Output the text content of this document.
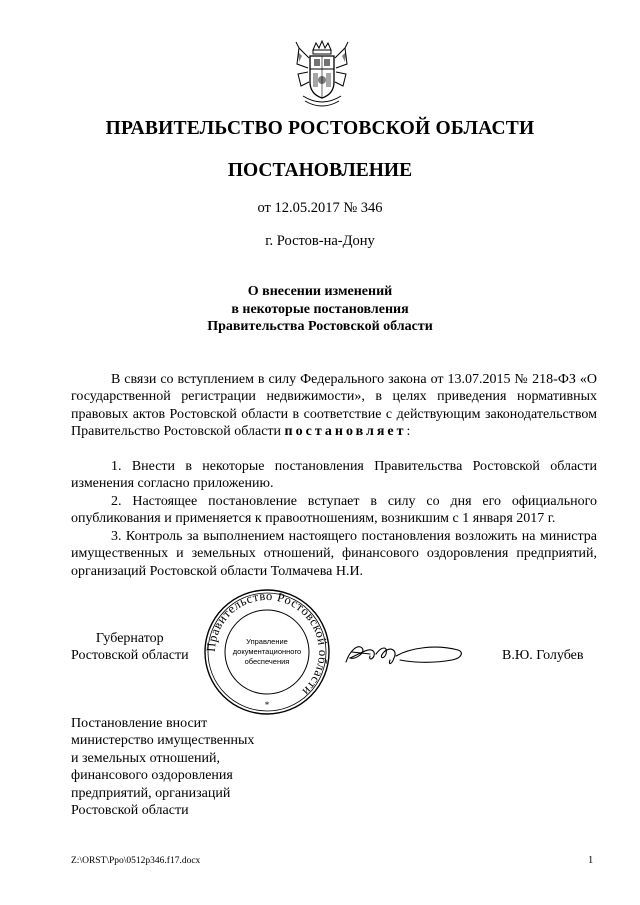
ПРАВИТЕЛЬСТВО РОСТОВСКОЙ ОБЛАСТИ
ПОСТАНОВЛЕНИЕ
от 12.05.2017 № 346
г. Ростов-на-Дону
О внесении изменений
в некоторые постановления
Правительства Ростовской области

В связи со вступлением в силу Федерального закона от 13.07.2015 № 218-ФЗ «О государственной регистрации недвижимости», в целях приведения нормативных правовых актов Ростовской области в соответствие с действующим законодательством Правительство Ростовской области постановляет:

1. Внести в некоторые постановления Правительства Ростовской области изменения согласно приложению.

2. Настоящее постановление вступает в силу со дня его официального опубликования и применяется к правоотношениям, возникшим с 1 января 2017 г.

3. Контроль за выполнением настоящего постановления возложить на министра имущественных и земельных отношений, финансового оздоровления предприятий, организаций Ростовской области Толмачева Н.И.

Губернатор
Ростовской области
Правительство Ростовской области
Управление
документационного
обеспечения
*
В.Ю. Голубев
Постановление вносит
министерство имущественных
и земельных отношений,
финансового оздоровления
предприятий, организаций
Ростовской области
Z:\ORST\Ppo\0512p346.f17.docx	1
